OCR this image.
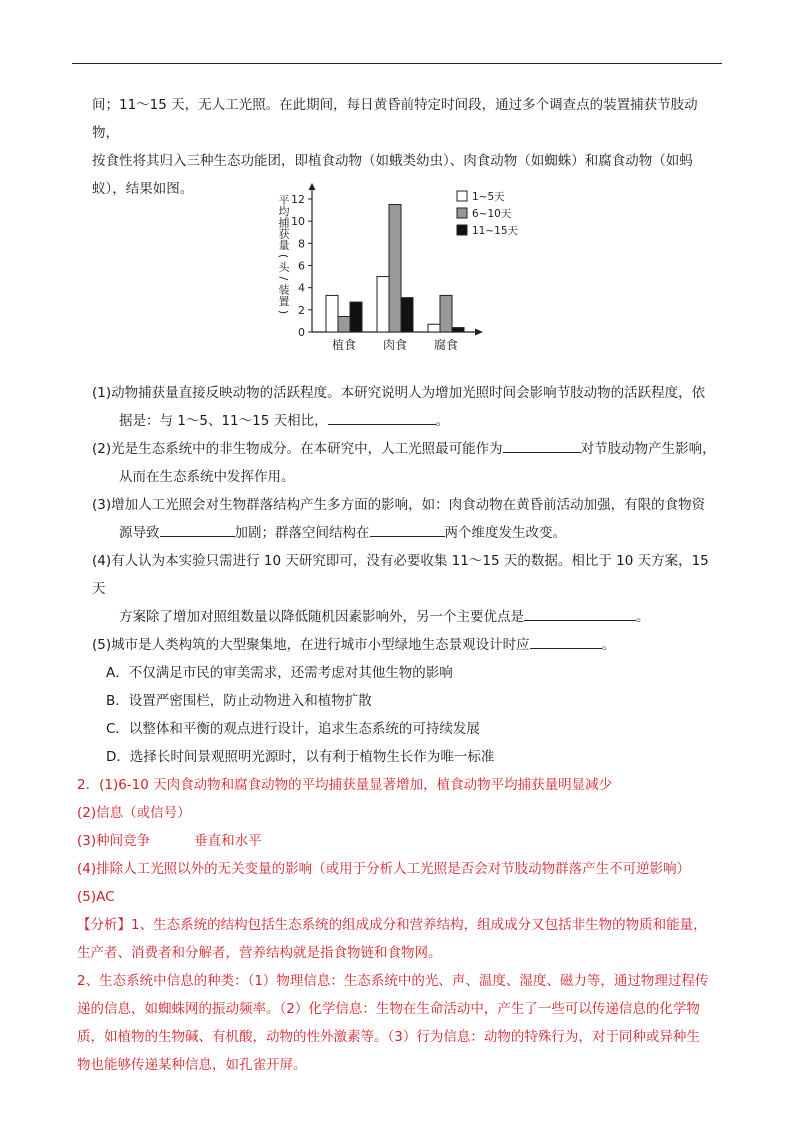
间；11～15 天，无人工光照。在此期间，每日黄昏前特定时间段，通过多个调查点的装置捕获节肢动物，

按食性将其归入三种生态功能团，即植食动物（如蛾类幼虫）、肉食动物（如蜘蛛）和腐食动物（如蚂

蚁），结果如图。

(1)动物捕获量直接反映动物的活跃程度。本研究说明人为增加光照时间会影响节肢动物的活跃程度，依

据是：与 1～5、11～15 天相比，	。

(2)光是生态系统中的非生物成分。在本研究中，人工光照最可能作为	对节肢动物产生影响，

从而在生态系统中发挥作用。

(3)增加人工光照会对生物群落结构产生多方面的影响，如：肉食动物在黄昏前活动加强，有限的食物资

源导致	加剧；群落空间结构在	两个维度发生改变。

(4)有人认为本实验只需进行 10 天研究即可，没有必要收集 11～15 天的数据。相比于 10 天方案，15 天

方案除了增加对照组数量以降低随机因素影响外，另一个主要优点是	。

(5)城市是人类构筑的大型聚集地，在进行城市小型绿地生态景观设计时应	。

A．不仅满足市民的审美需求，还需考虑对其他生物的影响

B．设置严密围栏，防止动物进入和植物扩散

C．以整体和平衡的观点进行设计，追求生态系统的可持续发展

D．选择长时间景观照明光源时，以有利于植物生长作为唯一标准

2．(1)6-10 天肉食动物和腐食动物的平均捕获量显著增加，植食动物平均捕获量明显减少

(2)信息（或信号）

(3)种间竞争	垂直和水平

(4)排除人工光照以外的无关变量的影响（或用于分析人工光照是否会对节肢动物群落产生不可逆影响）

(5)AC

【分析】1、生态系统的结构包括生态系统的组成成分和营养结构，组成成分又包括非生物的物质和能量，

生产者、消费者和分解者，营养结构就是指食物链和食物网。

2、生态系统中信息的种类：（1）物理信息：生态系统中的光、声、温度、湿度、磁力等，通过物理过程传

递的信息，如蜘蛛网的振动频率。（2）化学信息：生物在生命活动中，产生了一些可以传递信息的化学物

质，如植物的生物碱、有机酸，动物的性外激素等。（3）行为信息：动物的特殊行为，对于同种或异种生

物也能够传递某种信息，如孔雀开屏。

0
2
4
6
8
10
12
平
均
捕
获
量
(
头
/
装
置
)
植食 肉食 腐食
1~5天
6~10天
11~15天
